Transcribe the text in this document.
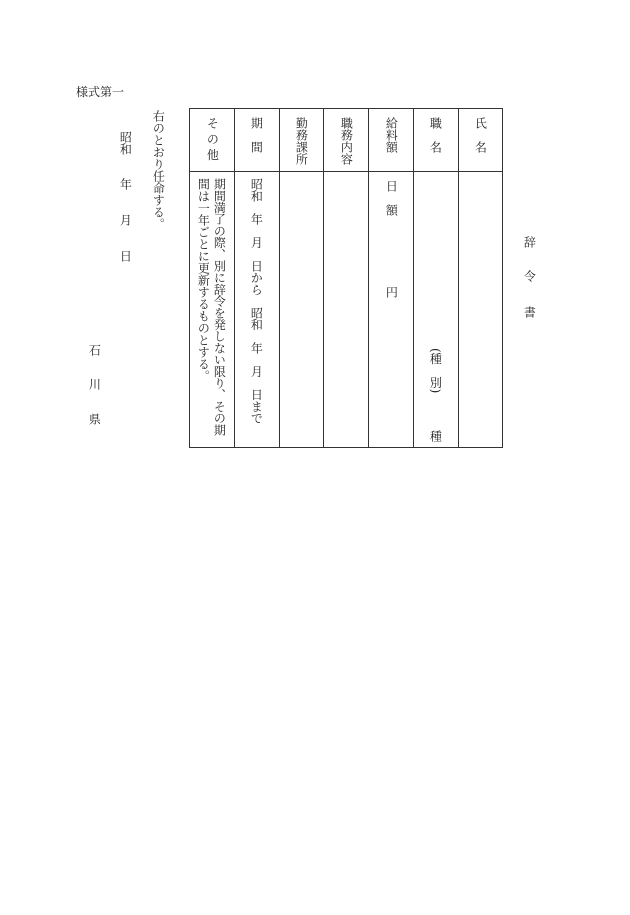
様式第一
辞
令
書
右のとおり任命する。
昭和
年
月
日
石
川
県
氏　名
職　名
給料額
職務内容
勤務課所
期　間
そ の 他
日　額
円
(種　別)
種
昭和　年　月　日から　昭和　年　月　日まで
期間満了の際、別に辞令を発しない限り、その期
間は一年ごとに更新するものとする。
